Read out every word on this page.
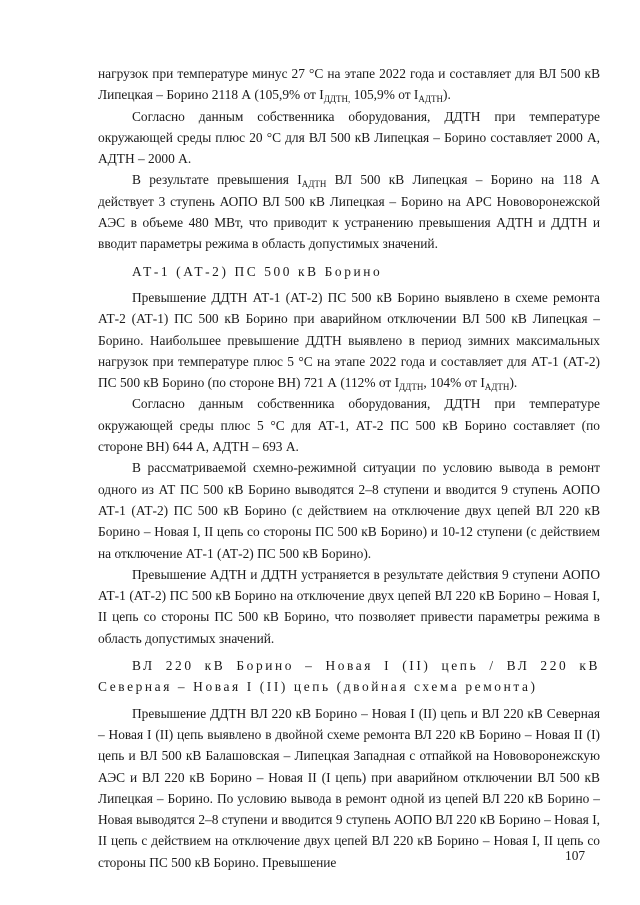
нагрузок при температуре минус 27 °С на этапе 2022 года и составляет для ВЛ 500 кВ Липецкая – Борино 2118 А (105,9% от $I_{ДДТН,}$ 105,9% от $I_{АДТН}$).

Согласно данным собственника оборудования, ДДТН при температуре окружающей среды плюс 20 °С для ВЛ 500 кВ Липецкая – Борино составляет 2000 А, АДТН – 2000 А.

В результате превышения $I_{АДТН}$ ВЛ 500 кВ Липецкая – Борино на 118 А действует 3 ступень АОПО ВЛ 500 кВ Липецкая – Борино на АРС Нововоронежской АЭС в объеме 480 МВт, что приводит к устранению превышения АДТН и ДДТН и вводит параметры режима в область допустимых значений.

АТ-1 (АТ-2) ПС 500 кВ Борино

Превышение ДДТН АТ-1 (АТ-2) ПС 500 кВ Борино выявлено в схеме ремонта АТ-2 (АТ-1) ПС 500 кВ Борино при аварийном отключении ВЛ 500 кВ Липецкая – Борино. Наибольшее превышение ДДТН выявлено в период зимних максимальных нагрузок при температуре плюс 5 °С на этапе 2022 года и составляет для АТ-1 (АТ-2) ПС 500 кВ Борино (по стороне ВН) 721 А (112% от $I_{ДДТН}$, 104% от $I_{АДТН}$).

Согласно данным собственника оборудования, ДДТН при температуре окружающей среды плюс 5 °С для АТ-1, АТ-2 ПС 500 кВ Борино составляет (по стороне ВН) 644 А, АДТН – 693 А.

В рассматриваемой схемно-режимной ситуации по условию вывода в ремонт одного из АТ ПС 500 кВ Борино выводятся 2–8 ступени и вводится 9 ступень АОПО АТ-1 (АТ-2) ПС 500 кВ Борино (с действием на отключение двух цепей ВЛ 220 кВ Борино – Новая I, II цепь со стороны ПС 500 кВ Борино) и 10-12 ступени (с действием на отключение АТ-1 (АТ-2) ПС 500 кВ Борино).

Превышение АДТН и ДДТН устраняется в результате действия 9 ступени АОПО АТ-1 (АТ-2) ПС 500 кВ Борино на отключение двух цепей ВЛ 220 кВ Борино – Новая I, II цепь со стороны ПС 500 кВ Борино, что позволяет привести параметры режима в область допустимых значений.

ВЛ 220 кВ Борино – Новая I (II) цепь / ВЛ 220 кВ Северная – Новая I (II) цепь (двойная схема ремонта)

Превышение ДДТН ВЛ 220 кВ Борино – Новая I (II) цепь и ВЛ 220 кВ Северная – Новая I (II) цепь выявлено в двойной схеме ремонта ВЛ 220 кВ Борино – Новая II (I) цепь и ВЛ 500 кВ Балашовская – Липецкая Западная с отпайкой на Нововоронежскую АЭС и ВЛ 220 кВ Борино – Новая II (I цепь) при аварийном отключении ВЛ 500 кВ Липецкая – Борино. По условию вывода в ремонт одной из цепей ВЛ 220 кВ Борино – Новая выводятся 2–8 ступени и вводится 9 ступень АОПО ВЛ 220 кВ Борино – Новая I, II цепь с действием на отключение двух цепей ВЛ 220 кВ Борино – Новая I, II цепь со стороны ПС 500 кВ Борино. Превышение	107
